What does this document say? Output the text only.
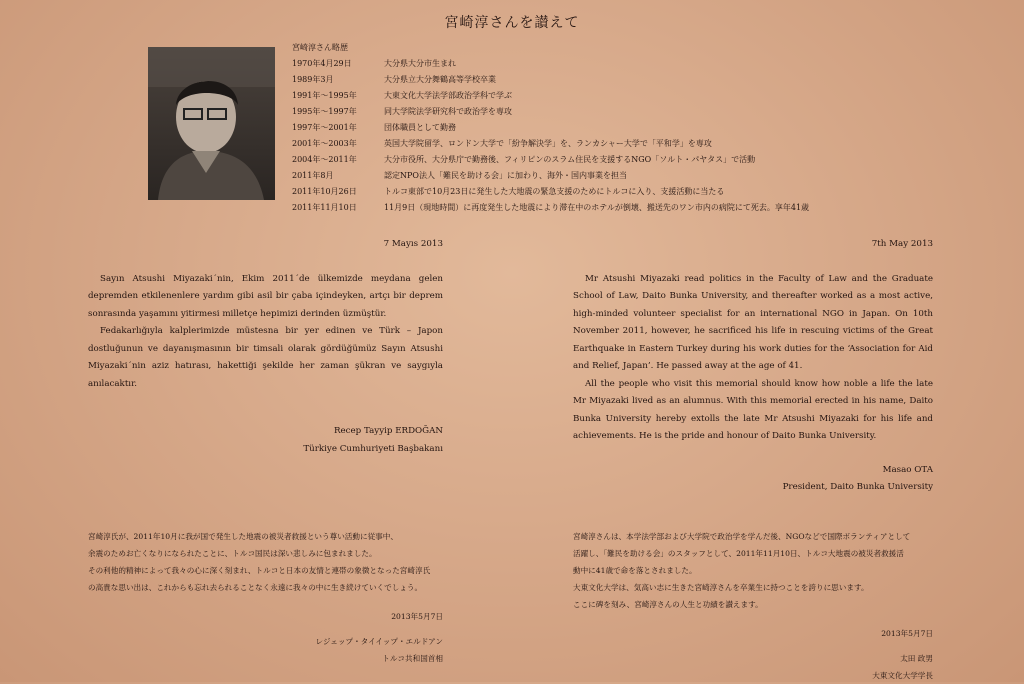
宮崎淳さんを讃えて
宮崎淳さん略歴
1970年4月29日	大分県大分市生まれ
1989年3月	大分県立大分舞鶴高等学校卒業
1991年〜1995年	大東文化大学法学部政治学科で学ぶ
1995年〜1997年	同大学院法学研究科で政治学を専攻
1997年〜2001年	団体職員として勤務
2001年〜2003年	英国大学院留学、ロンドン大学で「紛争解決学」を、ランカシャー大学で「平和学」を専攻
2004年〜2011年	大分市役所、大分県庁で勤務後、フィリピンのスラム住民を支援するNGO「ソルト・パヤタス」で活動
2011年8月	認定NPO法人「難民を助ける会」に加わり、海外・国内事業を担当
2011年10月26日	トルコ東部で10月23日に発生した大地震の緊急支援のためにトルコに入り、支援活動に当たる
2011年11月10日	11月9日（現地時間）に再度発生した地震により滞在中のホテルが倒壊、搬送先のワン市内の病院にて死去。享年41歳
7 Mayıs 2013

Sayın Atsushi Miyazaki´nin, Ekim 2011´de ülkemizde meydana gelen depremden etkilenenlere yardım gibi asil bir çaba içindeyken, artçı bir deprem sonrasında yaşamını yitirmesi milletçe hepimizi derinden üzmüştür.

Fedakarlığıyla kalplerimizde müstesna bir yer edinen ve Türk – Japon dostluğunun ve dayanışmasının bir timsali olarak gördüğümüz Sayın Atsushi Miyazaki´nin aziz hatırası, hakettiği şekilde her zaman şükran ve saygıyla anılacaktır.

Recep Tayyip ERDOĞAN
Türkiye Cumhuriyeti Başbakanı
7th May 2013

Mr Atsushi Miyazaki read politics in the Faculty of Law and the Graduate School of Law, Daito Bunka University, and thereafter worked as a most active, high-minded volunteer specialist for an international NGO in Japan. On 10th November 2011, however, he sacrificed his life in rescuing victims of the Great Earthquake in Eastern Turkey during his work duties for the ‘Association for Aid and Relief, Japan’. He passed away at the age of 41.

All the people who visit this memorial should know how noble a life the late Mr Miyazaki lived as an alumnus. With this memorial erected in his name, Daito Bunka University hereby extolls the late Mr Atsushi Miyazaki for his life and achievements. He is the pride and honour of Daito Bunka University.

Masao OTA
President, Daito Bunka University

宮崎淳氏が、2011年10月に我が国で発生した地震の被災者救援という尊い活動に従事中、

余震のためお亡くなりになられたことに、トルコ国民は深い悲しみに包まれました。

その利他的精神によって我々の心に深く刻まれ、トルコと日本の友情と連帯の象徴となった宮崎淳氏

の高貴な思い出は、これからも忘れ去られることなく永遠に我々の中に生き続けていくでしょう。

2013年5月7日
レジェップ・タイイップ・エルドアン
トルコ共和国首相

宮崎淳さんは、本学法学部および大学院で政治学を学んだ後、NGOなどで国際ボランティアとして

活躍し、「難民を助ける会」のスタッフとして、2011年11月10日、トルコ大地震の被災者救援活

動中に41歳で命を落とされました。

大東文化大学は、気高い志に生きた宮崎淳さんを卒業生に持つことを誇りに思います。

ここに碑を刻み、宮崎淳さんの人生と功績を讃えます。

2013年5月7日
太田 政男
大東文化大学学長
